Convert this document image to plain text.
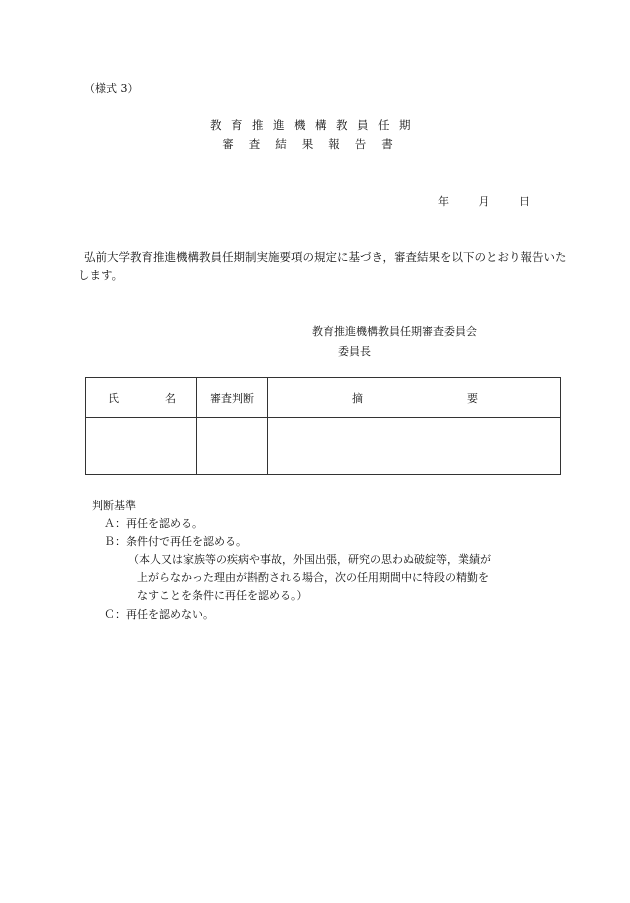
（様式 3）
教育推進機構教員任期
審査結果報告書
年	月	日
弘前大学教育推進機構教員任期制実施要項の規定に基づき，審査結果を以下のとおり報告いたします。
教育推進機構教員任期審査委員会
委員長
氏 名	審査判断	摘 要

判断基準
Ａ：再任を認める。
Ｂ：条件付で再任を認める。
（本人又は家族等の疾病や事故，外国出張，研究の思わぬ破綻等，業績が
上がらなかった理由が斟酌される場合，次の任用期間中に特段の精勤を
なすことを条件に再任を認める。）
Ｃ：再任を認めない。
